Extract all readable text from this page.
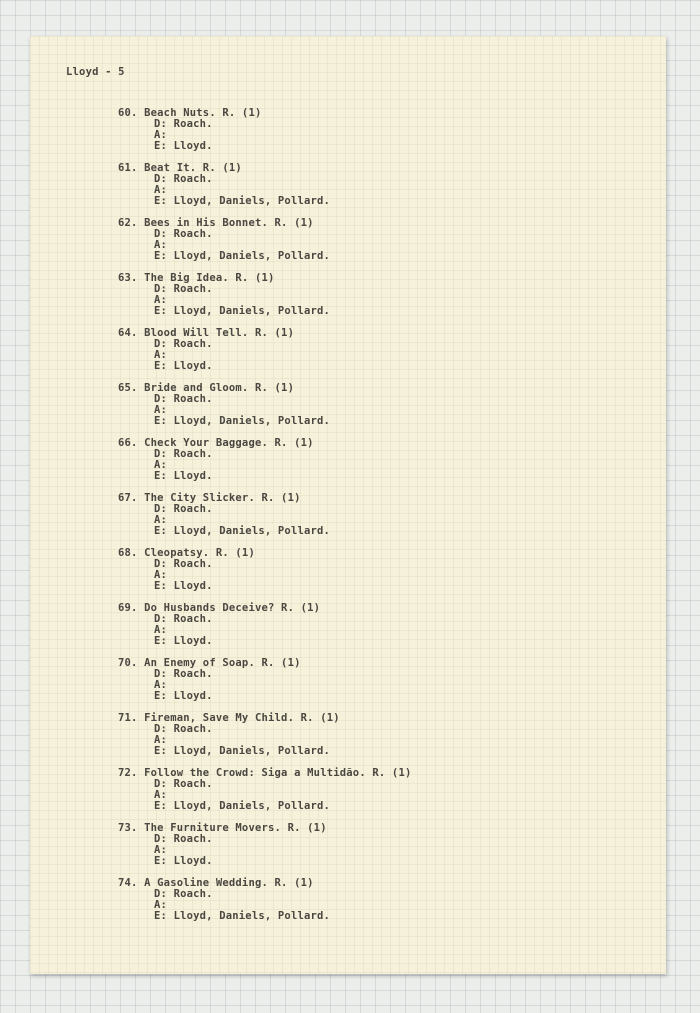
Lloyd - 5
60. Beach Nuts. R. (1)
D: Roach.
A:
E: Lloyd.
61. Beat It. R. (1)
D: Roach.
A:
E: Lloyd, Daniels, Pollard.
62. Bees in His Bonnet. R. (1)
D: Roach.
A:
E: Lloyd, Daniels, Pollard.
63. The Big Idea. R. (1)
D: Roach.
A:
E: Lloyd, Daniels, Pollard.
64. Blood Will Tell. R. (1)
D: Roach.
A:
E: Lloyd.
65. Bride and Gloom. R. (1)
D: Roach.
A:
E: Lloyd, Daniels, Pollard.
66. Check Your Baggage. R. (1)
D: Roach.
A:
E: Lloyd.
67. The City Slicker. R. (1)
D: Roach.
A:
E: Lloyd, Daniels, Pollard.
68. Cleopatsy. R. (1)
D: Roach.
A:
E: Lloyd.
69. Do Husbands Deceive? R. (1)
D: Roach.
A:
E: Lloyd.
70. An Enemy of Soap. R. (1)
D: Roach.
A:
E: Lloyd.
71. Fireman, Save My Child. R. (1)
D: Roach.
A:
E: Lloyd, Daniels, Pollard.
72. Follow the Crowd: Siga a Multidão. R. (1)
D: Roach.
A:
E: Lloyd, Daniels, Pollard.
73. The Furniture Movers. R. (1)
D: Roach.
A:
E: Lloyd.
74. A Gasoline Wedding. R. (1)
D: Roach.
A:
E: Lloyd, Daniels, Pollard.
